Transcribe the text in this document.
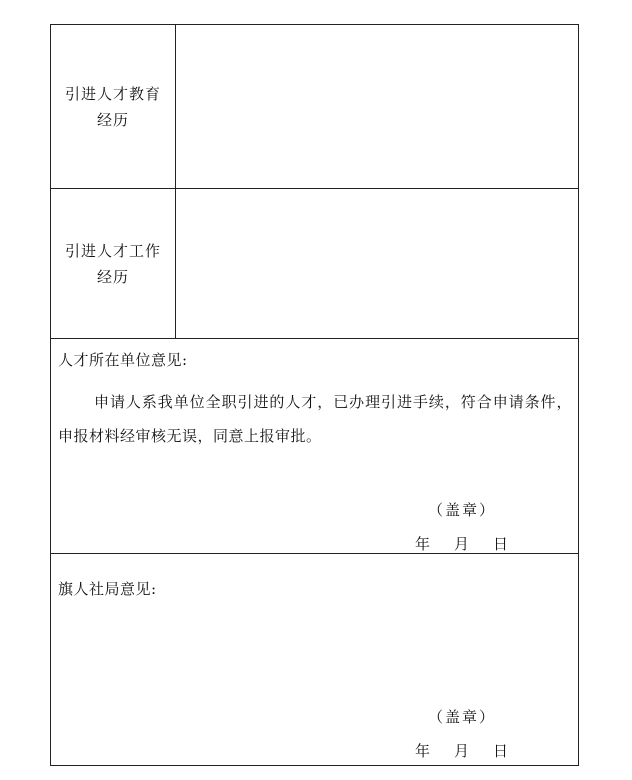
引进人才教育经历
引进人才工作经历
人才所在单位意见:
申请人系我单位全职引进的人才，已办理引进手续，符合申请条件， 申报材料经审核无误，同意上报审批。
（盖章）
年 月 日
旗人社局意见:
（盖章）
年 月 日
